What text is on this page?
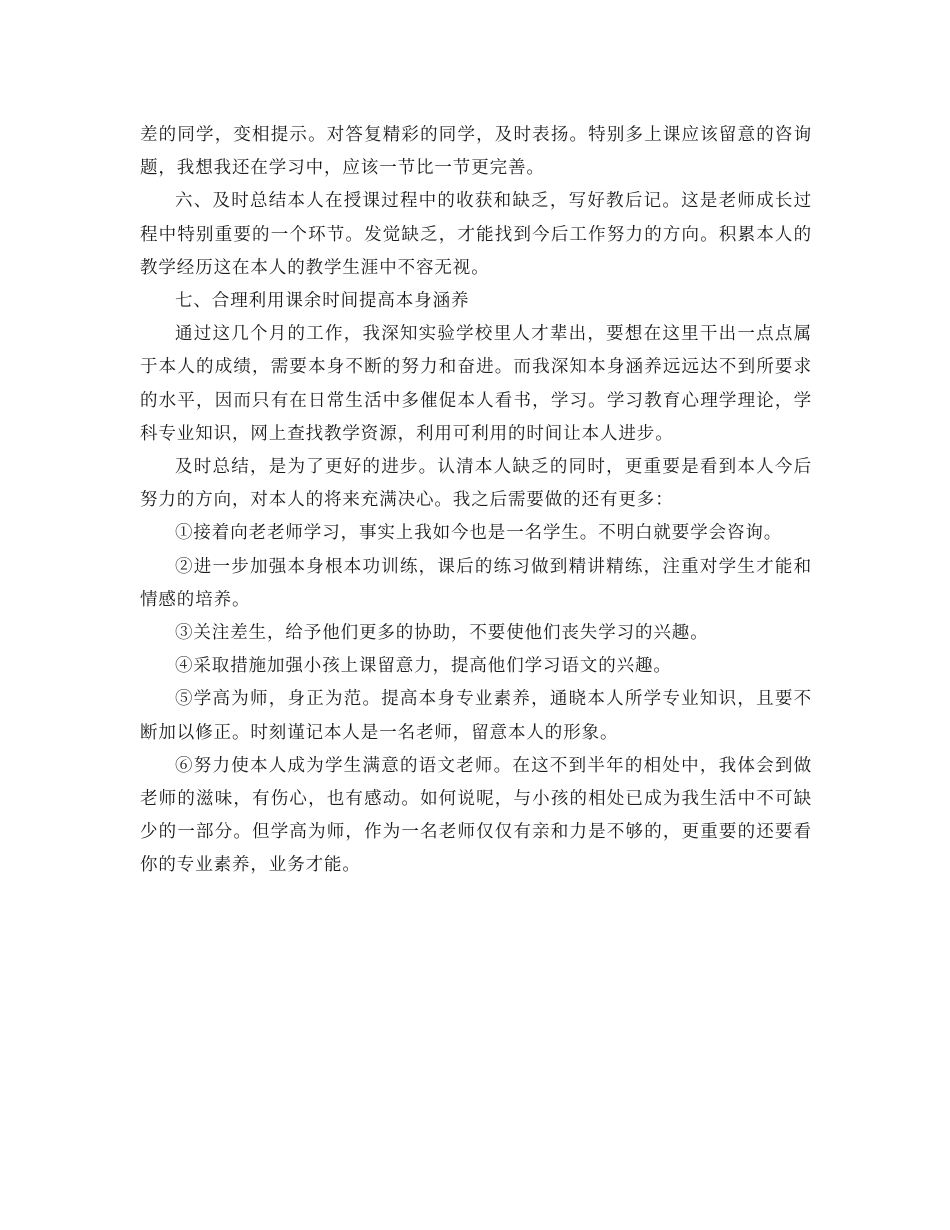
差的同学，变相提示。对答复精彩的同学，及时表扬。特别多上课应该留意的咨询题，我想我还在学习中，应该一节比一节更完善。

六、及时总结本人在授课过程中的收获和缺乏，写好教后记。这是老师成长过程中特别重要的一个环节。发觉缺乏，才能找到今后工作努力的方向。积累本人的教学经历这在本人的教学生涯中不容无视。

七、合理利用课余时间提高本身涵养

通过这几个月的工作，我深知实验学校里人才辈出，要想在这里干出一点点属于本人的成绩，需要本身不断的努力和奋进。而我深知本身涵养远远达不到所要求的水平，因而只有在日常生活中多催促本人看书，学习。学习教育心理学理论，学科专业知识，网上查找教学资源，利用可利用的时间让本人进步。

及时总结，是为了更好的进步。认清本人缺乏的同时，更重要是看到本人今后努力的方向，对本人的将来充满决心。我之后需要做的还有更多：

①接着向老老师学习，事实上我如今也是一名学生。不明白就要学会咨询。

②进一步加强本身根本功训练，课后的练习做到精讲精练，注重对学生才能和情感的培养。

③关注差生，给予他们更多的协助，不要使他们丧失学习的兴趣。

④采取措施加强小孩上课留意力，提高他们学习语文的兴趣。

⑤学高为师，身正为范。提高本身专业素养，通晓本人所学专业知识，且要不断加以修正。时刻谨记本人是一名老师，留意本人的形象。

⑥努力使本人成为学生满意的语文老师。在这不到半年的相处中，我体会到做老师的滋味，有伤心，也有感动。如何说呢，与小孩的相处已成为我生活中不可缺少的一部分。但学高为师，作为一名老师仅仅有亲和力是不够的，更重要的还要看你的专业素养，业务才能。
